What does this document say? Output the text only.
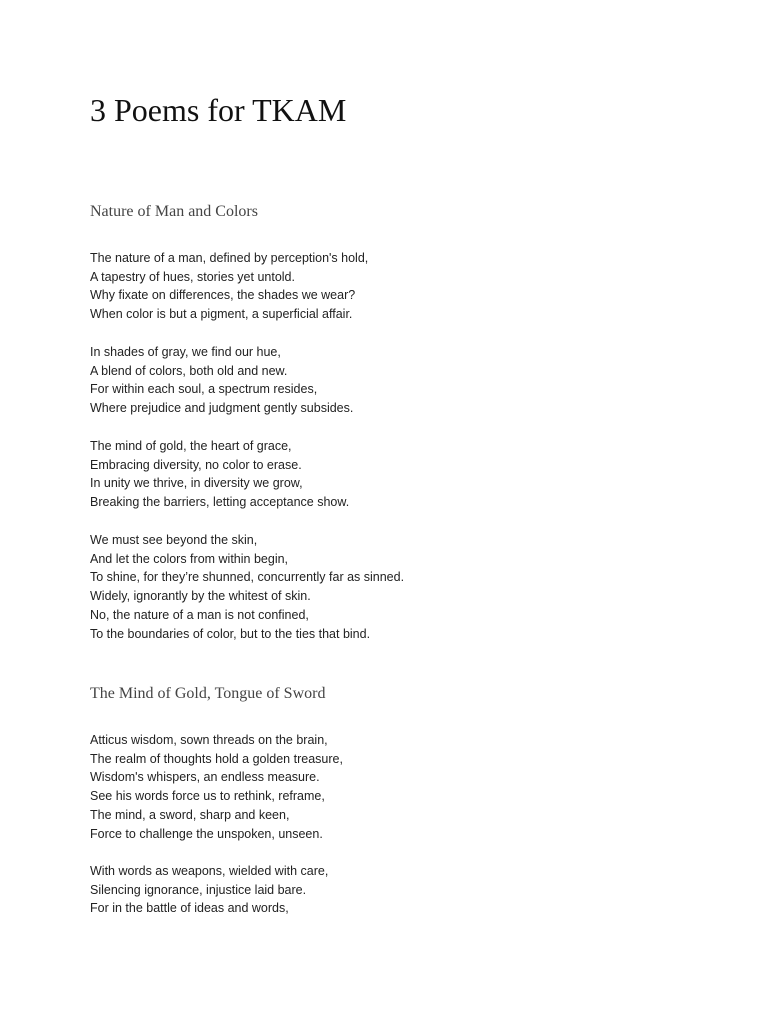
3 Poems for TKAM
Nature of Man and Colors
The nature of a man, defined by perception's hold,
A tapestry of hues, stories yet untold.
Why fixate on differences, the shades we wear?
When color is but a pigment, a superficial affair.
In shades of gray, we find our hue,
A blend of colors, both old and new.
For within each soul, a spectrum resides,
Where prejudice and judgment gently subsides.
The mind of gold, the heart of grace,
Embracing diversity, no color to erase.
In unity we thrive, in diversity we grow,
Breaking the barriers, letting acceptance show.
We must see beyond the skin,
And let the colors from within begin,
To shine, for they’re shunned, concurrently far as sinned.
Widely, ignorantly by the whitest of skin.
No, the nature of a man is not confined,
To the boundaries of color, but to the ties that bind.
The Mind of Gold, Tongue of Sword
Atticus wisdom, sown threads on the brain,
The realm of thoughts hold a golden treasure,
Wisdom's whispers, an endless measure.
See his words force us to rethink, reframe,
The mind, a sword, sharp and keen,
Force to challenge the unspoken, unseen.
With words as weapons, wielded with care,
Silencing ignorance, injustice laid bare.
For in the battle of ideas and words,
